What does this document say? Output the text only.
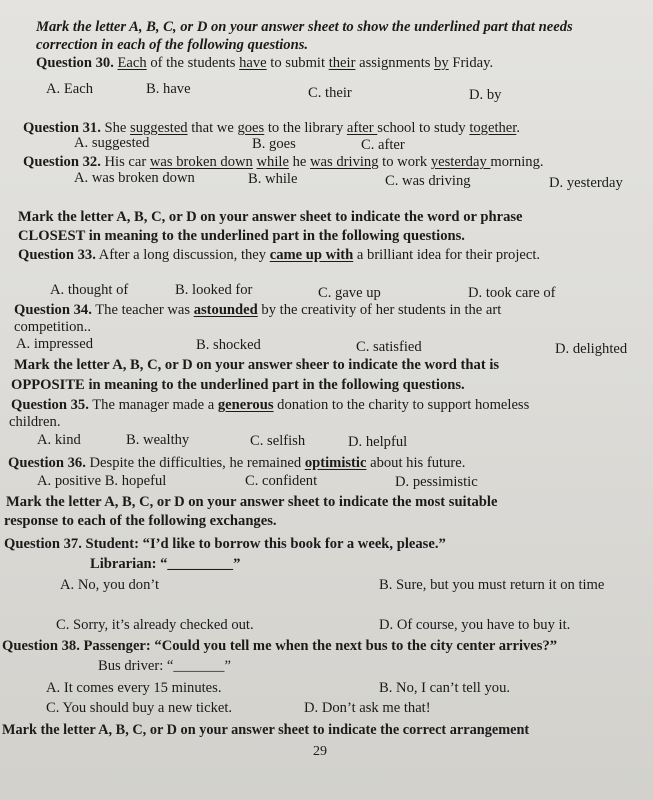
Mark the letter A, B, C, or D on your answer sheet to show the underlined part that needs
correction in each of the following questions.
Question 30. Each of the students have to submit their assignments by Friday.
A. Each	B. have	C. their	D. by
Question 31. She suggested that we goes to the library after school to study together.
A. suggested	B. goes	C. after
Question 32. His car was broken down while he was driving to work yesterday morning.
A. was broken down	B. while	C. was driving	D. yesterday
Mark the letter A, B, C, or D on your answer sheet to indicate the word or phrase
CLOSEST in meaning to the underlined part in the following questions.
Question 33. After a long discussion, they came up with a brilliant idea for their project.
A. thought of	B. looked for	C. gave up	D. took care of
Question 34. The teacher was astounded by the creativity of her students in the art
competition..
A. impressed	B. shocked	C. satisfied	D. delighted
Mark the letter A, B, C, or D on your answer sheer to indicate the word that is
OPPOSITE in meaning to the underlined part in the following questions.
Question 35. The manager made a generous donation to the charity to support homeless
children.
A. kind	B. wealthy	C. selfish	D. helpful
Question 36. Despite the difficulties, he remained optimistic about his future.
A. positive B. hopeful	C. confident	D. pessimistic
Mark the letter A, B, C, or D on your answer sheet to indicate the most suitable
response to each of the following exchanges.
Question 37. Student: “I’d like to borrow this book for a week, please.”
Librarian: “_________”
A. No, you don’t	B. Sure, but you must return it on time
C. Sorry, it’s already checked out.	D. Of course, you have to buy it.
Question 38. Passenger: “Could you tell me when the next bus to the city center arrives?”
Bus driver: “_______”
A. It comes every 15 minutes.	B. No, I can’t tell you.
C. You should buy a new ticket.	D. Don’t ask me that!
Mark the letter A, B, C, or D on your answer sheet to indicate the correct arrangement
29
